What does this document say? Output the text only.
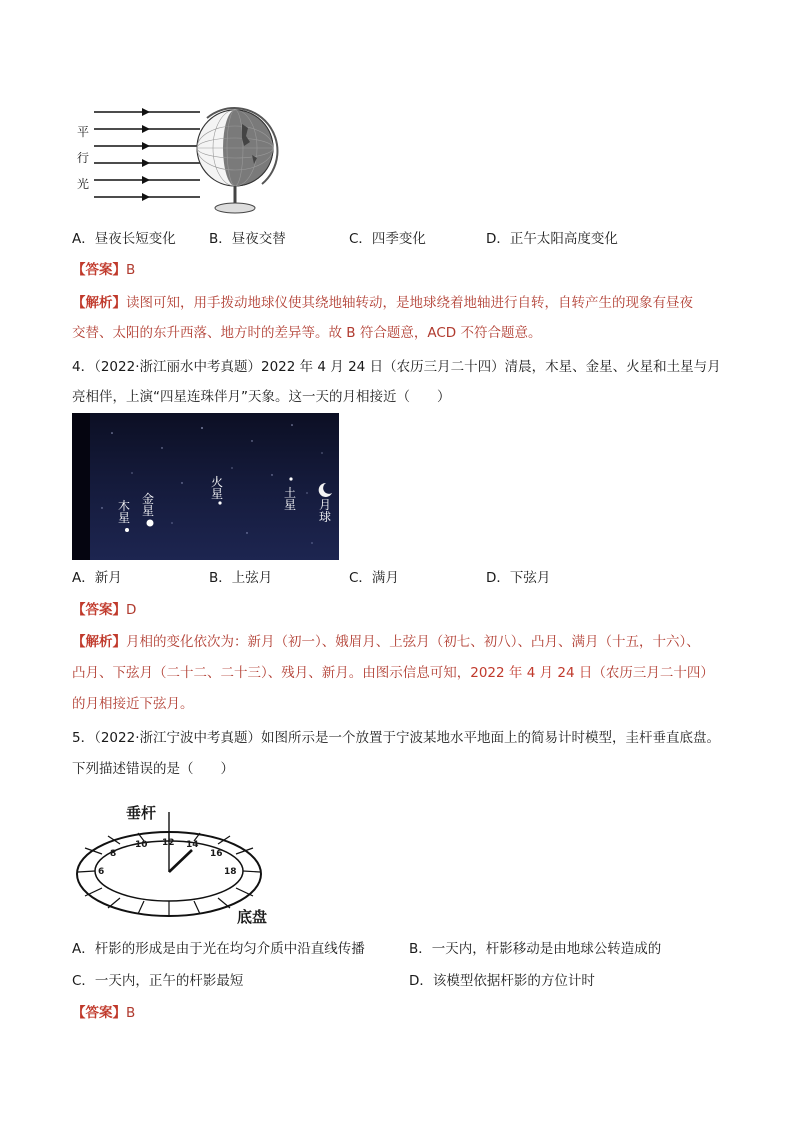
平
行
光
A．昼夜长短变化 B．昼夜交替	C．四季变化	D．正午太阳高度变化
【答案】B
【解析】读图可知，用手拨动地球仪使其绕地轴转动，是地球绕着地轴进行自转，自转产生的现象有昼夜
交替、太阳的东升西落、地方时的差异等。故 B 符合题意，ACD 不符合题意。
4．（2022·浙江丽水中考真题）2022 年 4 月 24 日（农历三月二十四）清晨，木星、金星、火星和土星与月
亮相伴，上演“四星连珠伴月”天象。这一天的月相接近（　　）
木星
金星
火星	土星 月球
A．新月	B．上弦月	C．满月	D．下弦月
【答案】D
【解析】月相的变化依次为：新月（初一）、娥眉月、上弦月（初七、初八）、凸月、满月（十五，十六）、
凸月、下弦月（二十二、二十三）、残月、新月。由图示信息可知，2022 年 4 月 24 日（农历三月二十四）
的月相接近下弦月。
5．（2022·浙江宁波中考真题）如图所示是一个放置于宁波某地水平地面上的简易计时模型，圭杆垂直底盘。
下列描述错误的是（　　）
垂杆
底盘
6
8
10 12 14
16
18
A．杆影的形成是由于光在均匀介质中沿直线传播	B．一天内，杆影移动是由地球公转造成的
C．一天内，正午的杆影最短	D．该模型依据杆影的方位计时
【答案】B
